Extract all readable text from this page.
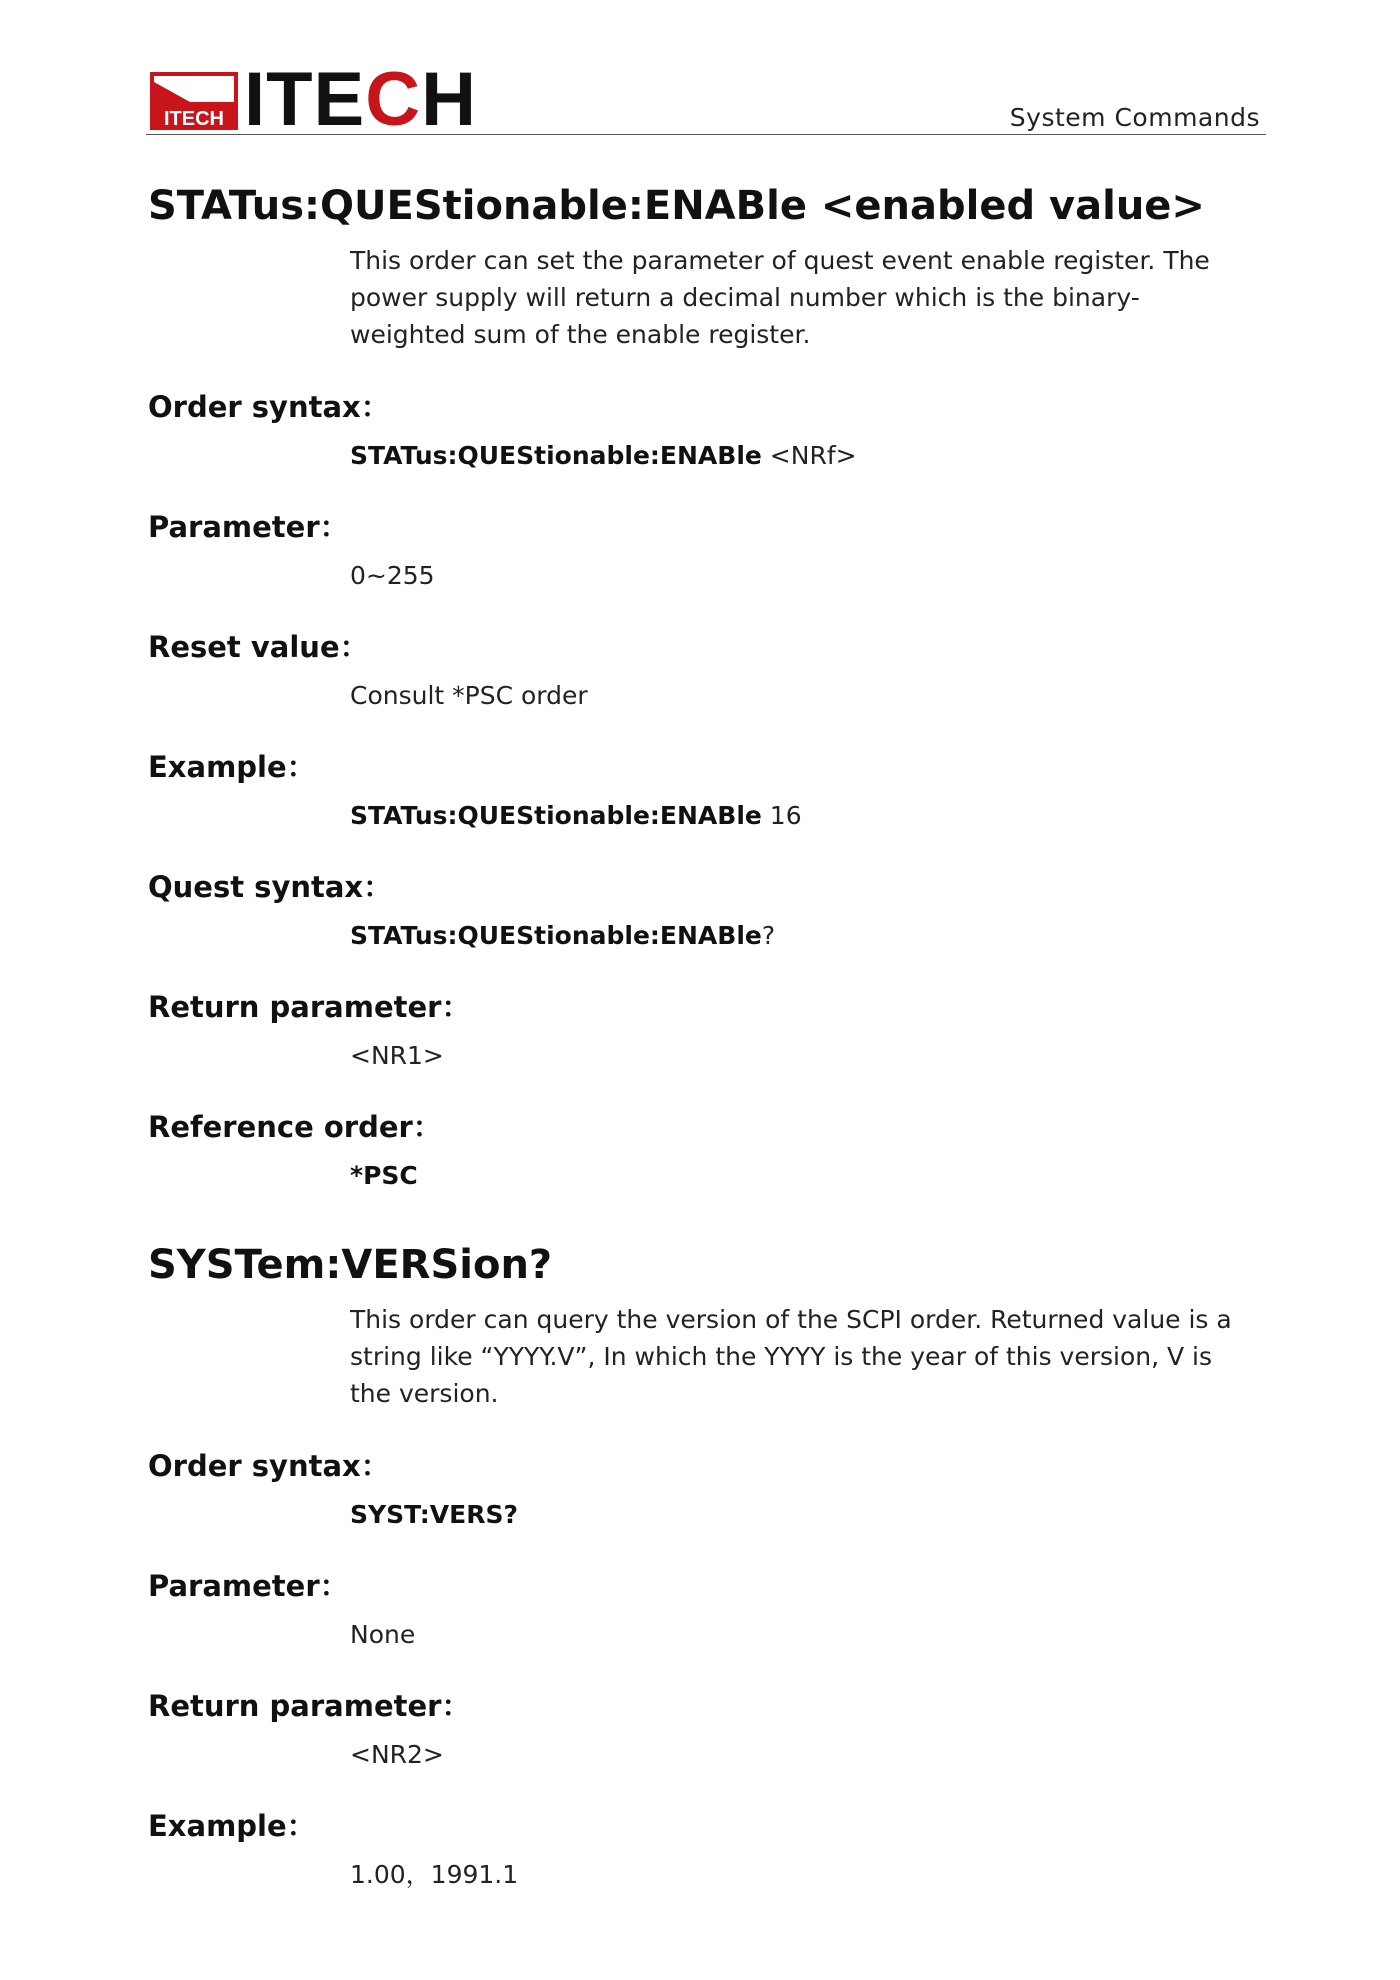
ITECH ITECH	System Commands
STATus:QUEStionable:ENABle <enabled value>
This order can set the parameter of quest event enable register. The power supply will return a decimal number which is the binary-weighted sum of the enable register.
Order syntax：
STATus:QUEStionable:ENABle <NRf>
Parameter：
0~255
Reset value：
Consult *PSC order
Example：
STATus:QUEStionable:ENABle 16
Quest syntax：
STATus:QUEStionable:ENABle?
Return parameter：
<NR1>
Reference order：
*PSC
SYSTem:VERSion?
This order can query the version of the SCPI order. Returned value is a string like “YYYY.V”, In which the YYYY is the year of this version, V is the version.
Order syntax：
SYST:VERS?
Parameter：
None
Return parameter：
<NR2>
Example：
1.00，1991.1
